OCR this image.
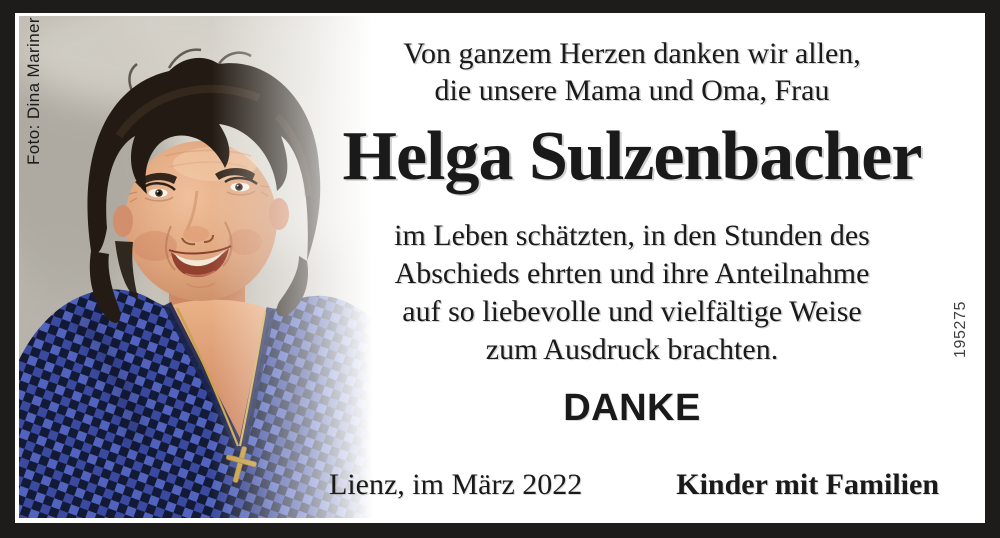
Foto: Dina Mariner	Von ganzem Herzen danken wir allen,
die unsere Mama und Oma, Frau
Helga Sulzenbacher
im Leben schätzten, in den Stunden des
Abschieds ehrten und ihre Anteilnahme
auf so liebevolle und vielfältige Weise
zum Ausdruck brachten.
DANKE
Lienz, im März 2022	Kinder mit Familien
195275
